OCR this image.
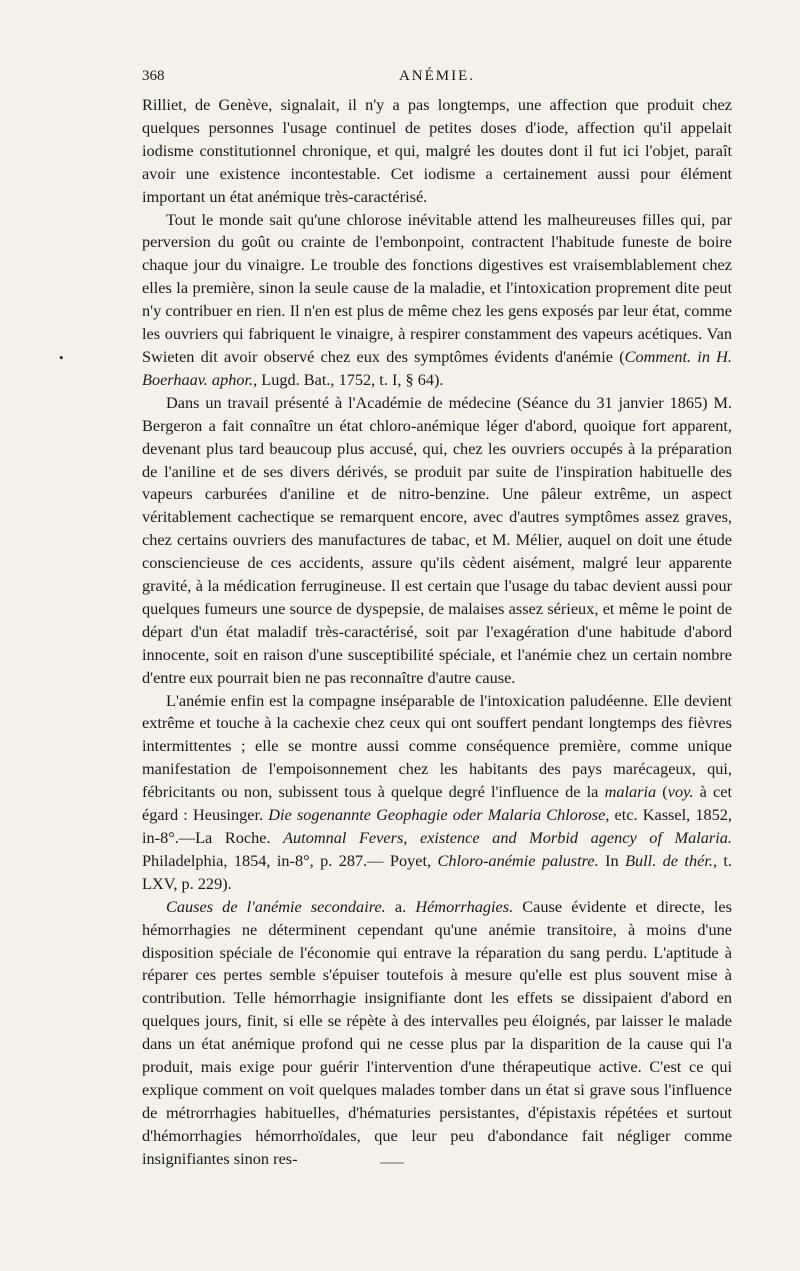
368	ANÉMIE.
•

Rilliet, de Genève, signalait, il n'y a pas longtemps, une affection que produit chez quelques personnes l'usage continuel de petites doses d'iode, affection qu'il appelait iodisme constitutionnel chronique, et qui, malgré les doutes dont il fut ici l'objet, paraît avoir une existence incontestable. Cet iodisme a certainement aussi pour élément important un état anémique très-caractérisé.

Tout le monde sait qu'une chlorose inévitable attend les malheureuses filles qui, par perversion du goût ou crainte de l'embonpoint, contractent l'habitude funeste de boire chaque jour du vinaigre. Le trouble des fonctions digestives est vraisemblablement chez elles la première, sinon la seule cause de la maladie, et l'intoxication proprement dite peut n'y contribuer en rien. Il n'en est plus de même chez les gens exposés par leur état, comme les ouvriers qui fabriquent le vinaigre, à respirer constamment des vapeurs acétiques. Van Swieten dit avoir observé chez eux des symptômes évidents d'anémie (Comment. in H. Boerhaav. aphor., Lugd. Bat., 1752, t. I, § 64).

Dans un travail présenté à l'Académie de médecine (Séance du 31 janvier 1865) M. Bergeron a fait connaître un état chloro-anémique léger d'abord, quoique fort apparent, devenant plus tard beaucoup plus accusé, qui, chez les ouvriers occupés à la préparation de l'aniline et de ses divers dérivés, se produit par suite de l'inspiration habituelle des vapeurs carburées d'aniline et de nitro-benzine. Une pâleur extrême, un aspect véritablement cachectique se remarquent encore, avec d'autres symptômes assez graves, chez certains ouvriers des manufactures de tabac, et M. Mélier, auquel on doit une étude consciencieuse de ces accidents, assure qu'ils cèdent aisément, malgré leur apparente gravité, à la médication ferrugineuse. Il est certain que l'usage du tabac devient aussi pour quelques fumeurs une source de dyspepsie, de malaises assez sérieux, et même le point de départ d'un état maladif très-caractérisé, soit par l'exagération d'une habitude d'abord innocente, soit en raison d'une susceptibilité spéciale, et l'anémie chez un certain nombre d'entre eux pourrait bien ne pas reconnaître d'autre cause.

L'anémie enfin est la compagne inséparable de l'intoxication paludéenne. Elle devient extrême et touche à la cachexie chez ceux qui ont souffert pendant longtemps des fièvres intermittentes ; elle se montre aussi comme conséquence première, comme unique manifestation de l'empoisonnement chez les habitants des pays marécageux, qui, fébricitants ou non, subissent tous à quelque degré l'influence de la malaria (voy. à cet égard : Heusinger. Die sogenannte Geophagie oder Malaria Chlorose, etc. Kassel, 1852, in-8°.—La Roche. Automnal Fevers, existence and Morbid agency of Malaria. Philadelphia, 1854, in-8°, p. 287.— Poyet, Chloro-anémie palustre. In Bull. de thér., t. LXV, p. 229).

Causes de l'anémie secondaire. a. Hémorrhagies. Cause évidente et directe, les hémorrhagies ne déterminent cependant qu'une anémie transitoire, à moins d'une disposition spéciale de l'économie qui entrave la réparation du sang perdu. L'aptitude à réparer ces pertes semble s'épuiser toutefois à mesure qu'elle est plus souvent mise à contribution. Telle hémorrhagie insignifiante dont les effets se dissipaient d'abord en quelques jours, finit, si elle se répète à des intervalles peu éloignés, par laisser le malade dans un état anémique profond qui ne cesse plus par la disparition de la cause qui l'a produit, mais exige pour guérir l'intervention d'une thérapeutique active. C'est ce qui explique comment on voit quelques malades tomber dans un état si grave sous l'influence de métrorrhagies habituelles, d'hématuries persistantes, d'épistaxis répétées et surtout d'hémorrhagies hémorrhoïdales, que leur peu d'abondance fait négliger comme insignifiantes sinon res-
